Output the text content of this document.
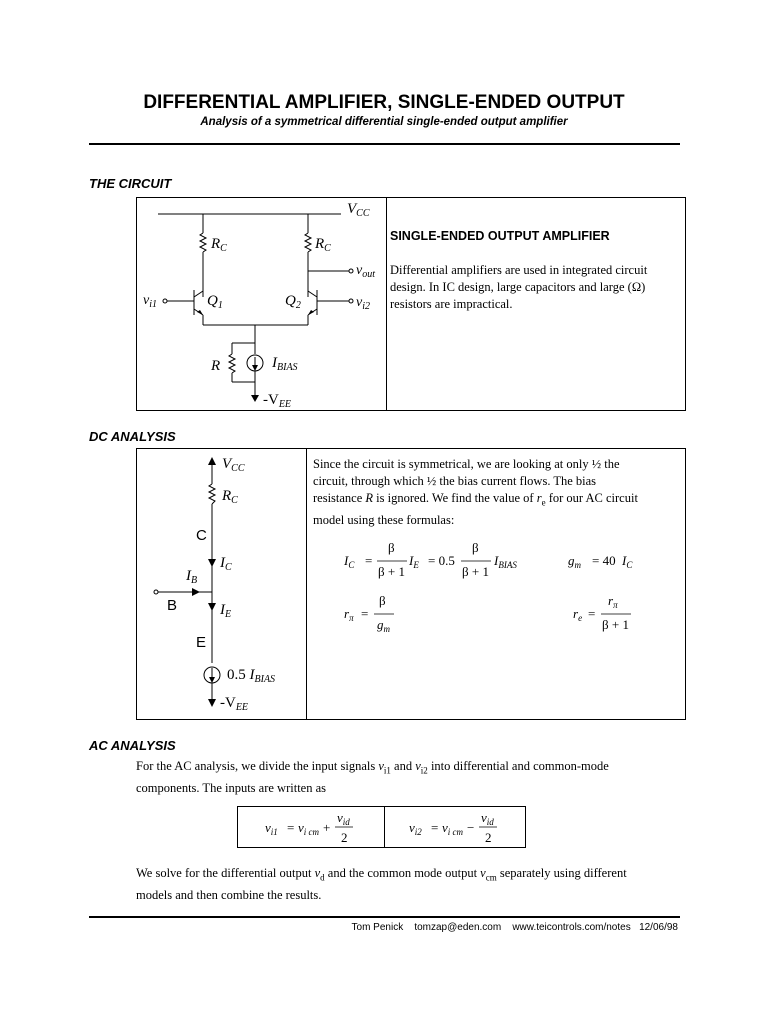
DIFFERENTIAL AMPLIFIER, SINGLE-ENDED OUTPUT
Analysis of a symmetrical differential single-ended output amplifier
THE CIRCUIT
$V_{CC}$
$R_C$	$R_C$
$v_{out}$
$v_{i1}$	$v_{i2}$
$Q_1$	$Q_2$
R	$I_{BIAS}$
$-V_{EE}$
SINGLE-ENDED OUTPUT AMPLIFIER
Differential amplifiers are used in integrated circuit
design. In IC design, large capacitors and large (Ω)
resistors are impractical.
DC ANALYSIS
$V_{CC}$
$R_C$
C
$I_C$
$I_B$
B	$I_E$
E
0.5 $I_{BIAS}$
$-V_{EE}$
Since the circuit is symmetrical, we are looking at only ½ the
circuit, through which ½ the bias current flows. The bias
resistance R is ignored. We find the value of $r_e$ for our AC circuit
model using these formulas:
$I_C$ =
β
β + 1
$I_E = 0.5$
β
β + 1
$I_{BIAS}$	$g_m = 40$ $I_C$
$r_\pi$ =
β
$g_m$
$r_e$ =
$r_\pi$
β + 1
AC ANALYSIS
For the AC analysis, we divide the input signals $v_{i1}$ and $v_{i2}$ into differential and common-mode
components. The inputs are written as
$v_{i1} = v_{i cm}$ +
$v_{id}$
2
$v_{i2} = v_{i cm}$ −
$v_{id}$
2
We solve for the differential output $v_d$ and the common mode output $v_{cm}$ separately using different
models and then combine the results.
Tom Penick tomzap@eden.com www.teicontrols.com/notes 12/06/98
